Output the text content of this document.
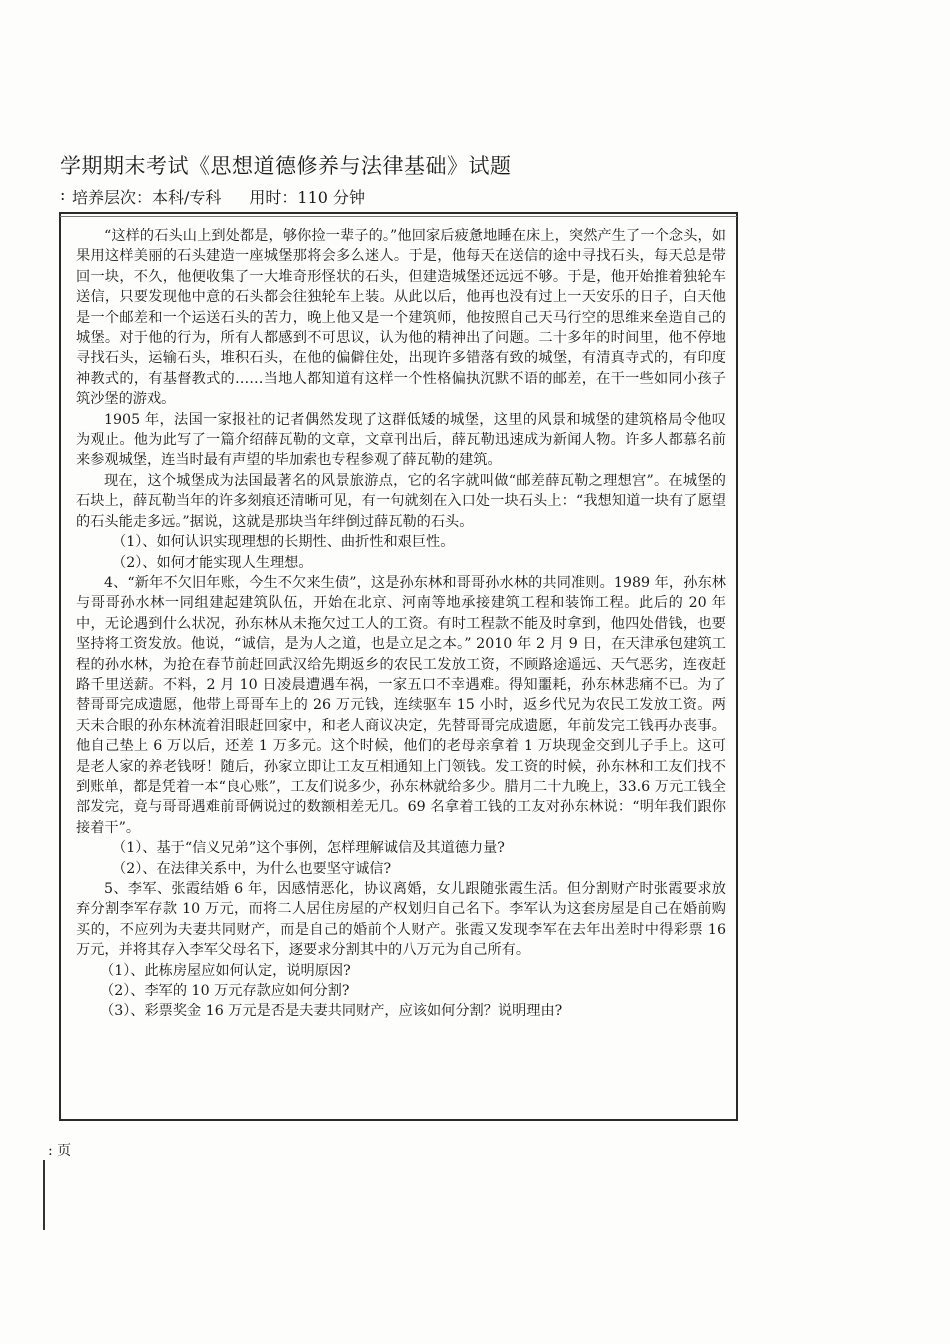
学期期末考试《思想道德修养与法律基础》试题
: 培养层次：本科/专科 用时：110 分钟

“这样的石头山上到处都是，够你捡一辈子的。”他回家后疲惫地睡在床上，突然产生了一个念头，如果用这样美丽的石头建造一座城堡那将会多么迷人。于是，他每天在送信的途中寻找石头，每天总是带回一块，不久，他便收集了一大堆奇形怪状的石头，但建造城堡还远远不够。于是，他开始推着独轮车送信，只要发现他中意的石头都会往独轮车上装。从此以后，他再也没有过上一天安乐的日子，白天他是一个邮差和一个运送石头的苦力，晚上他又是一个建筑师，他按照自己天马行空的思维来垒造自己的城堡。对于他的行为，所有人都感到不可思议，认为他的精神出了问题。二十多年的时间里，他不停地寻找石头，运输石头，堆积石头，在他的偏僻住处，出现许多错落有致的城堡，有清真寺式的，有印度神教式的，有基督教式的……当地人都知道有这样一个性格偏执沉默不语的邮差，在干一些如同小孩子筑沙堡的游戏。

1905 年，法国一家报社的记者偶然发现了这群低矮的城堡，这里的风景和城堡的建筑格局令他叹为观止。他为此写了一篇介绍薛瓦勒的文章，文章刊出后，薛瓦勒迅速成为新闻人物。许多人都慕名前来参观城堡，连当时最有声望的毕加索也专程参观了薛瓦勒的建筑。

现在，这个城堡成为法国最著名的风景旅游点，它的名字就叫做“邮差薛瓦勒之理想宫”。在城堡的石块上，薛瓦勒当年的许多刻痕还清晰可见，有一句就刻在入口处一块石头上：“我想知道一块有了愿望的石头能走多远。”据说，这就是那块当年绊倒过薛瓦勒的石头。

（1）、如何认识实现理想的长期性、曲折性和艰巨性。

（2）、如何才能实现人生理想。

4、“新年不欠旧年账，今生不欠来生债”，这是孙东林和哥哥孙水林的共同准则。1989 年，孙东林与哥哥孙水林一同组建起建筑队伍，开始在北京、河南等地承接建筑工程和装饰工程。此后的 20 年中，无论遇到什么状况，孙东林从未拖欠过工人的工资。有时工程款不能及时拿到，他四处借钱，也要坚持将工资发放。他说，“诚信，是为人之道，也是立足之本。” 2010 年 2 月 9 日，在天津承包建筑工程的孙水林，为抢在春节前赶回武汉给先期返乡的农民工发放工资，不顾路途遥远、天气恶劣，连夜赶路千里送薪。不料，2 月 10 日凌晨遭遇车祸，一家五口不幸遇难。得知噩耗，孙东林悲痛不已。为了替哥哥完成遗愿，他带上哥哥车上的 26 万元钱，连续驱车 15 小时，返乡代兄为农民工发放工资。两天未合眼的孙东林流着泪眼赶回家中，和老人商议决定，先替哥哥完成遗愿，年前发完工钱再办丧事。他自己垫上 6 万以后，还差 1 万多元。这个时候，他们的老母亲拿着 1 万块现金交到儿子手上。这可是老人家的养老钱呀！随后，孙家立即让工友互相通知上门领钱。发工资的时候，孙东林和工友们找不到账单，都是凭着一本“良心账”，工友们说多少，孙东林就给多少。腊月二十九晚上，33.6 万元工钱全部发完，竟与哥哥遇难前哥俩说过的数额相差无几。69 名拿着工钱的工友对孙东林说：“明年我们跟你接着干”。

（1）、基于“信义兄弟”这个事例，怎样理解诚信及其道德力量?

（2）、在法律关系中，为什么也要坚守诚信?

5、李军、张霞结婚 6 年，因感情恶化，协议离婚，女儿跟随张霞生活。但分割财产时张霞要求放弃分割李军存款 10 万元，而将二人居住房屋的产权划归自己名下。李军认为这套房屋是自己在婚前购买的，不应列为夫妻共同财产，而是自己的婚前个人财产。张霞又发现李军在去年出差时中得彩票 16 万元，并将其存入李军父母名下，逐要求分割其中的八万元为自己所有。

（1）、此栋房屋应如何认定，说明原因?

（2）、李军的 10 万元存款应如何分割?

（3）、彩票奖金 16 万元是否是夫妻共同财产，应该如何分割？说明理由?

: 页
